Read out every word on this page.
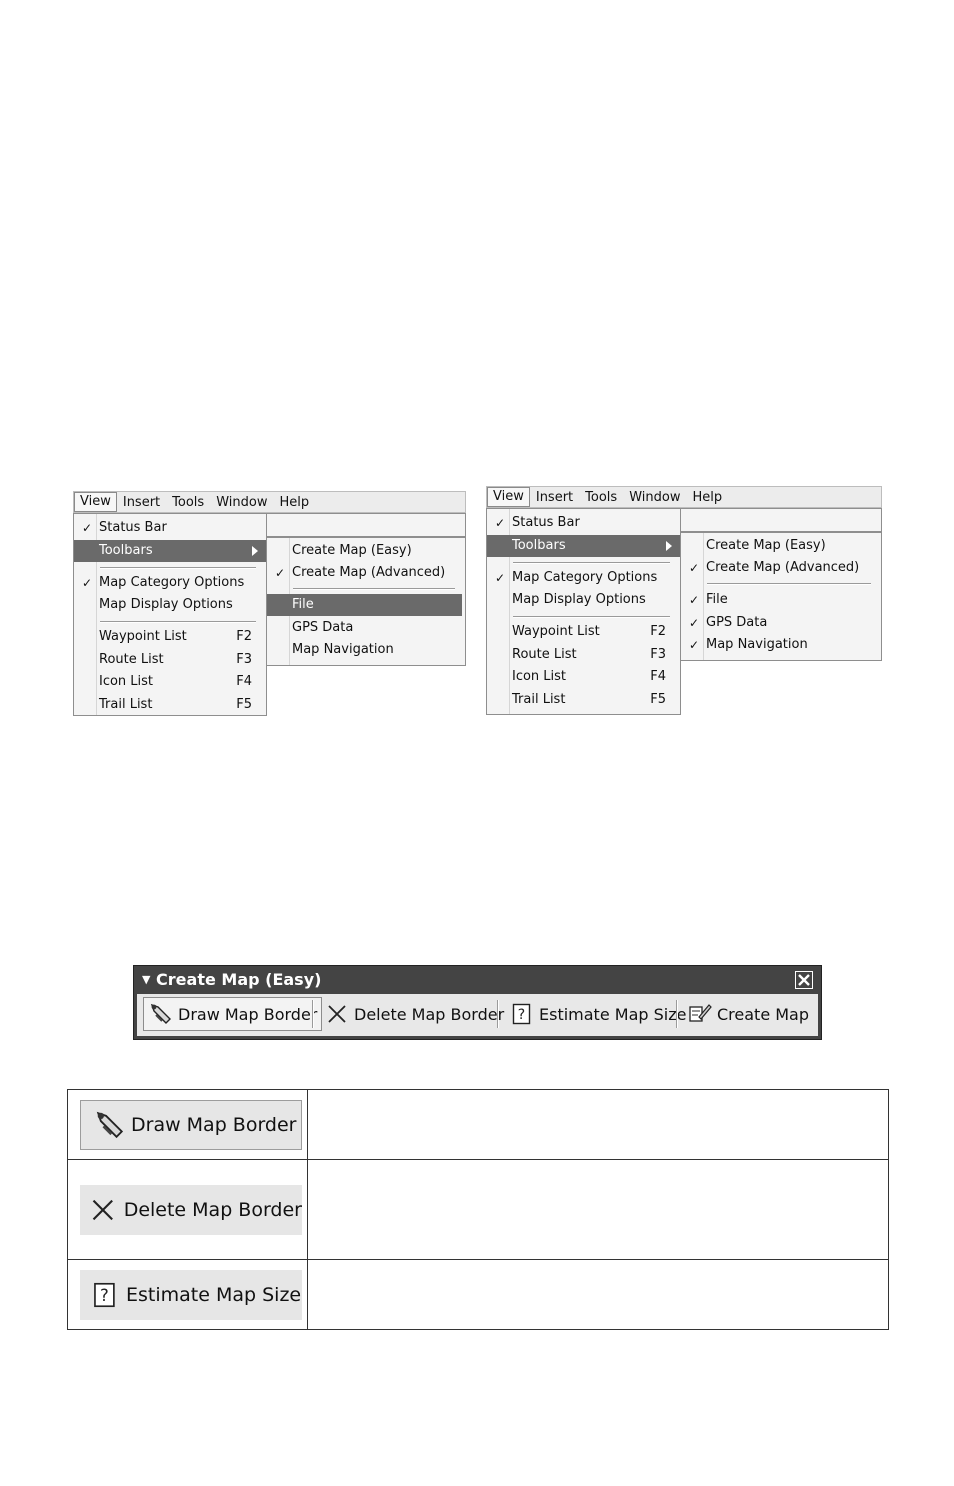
View Insert Tools Window Help
✓ Status Bar
Toolbars
✓ Map Category Options
Map Display Options
Waypoint List	F2
Route List	F3
Icon List	F4
Trail List	F5
Create Map (Easy)
✓ Create Map (Advanced)
File
GPS Data
Map Navigation
View Insert Tools Window Help
✓ Status Bar
Toolbars
✓ Map Category Options
Map Display Options
Waypoint List	F2
Route List	F3
Icon List	F4
Trail List	F5
Create Map (Easy)
✓ Create Map (Advanced)
✓ File
✓ GPS Data
✓ Map Navigation
▼ Create Map (Easy)
Draw Map Border Delete Map Border ? Estimate Map Size Create Map
Draw Map Border	

Delete Map Border	

? Estimate Map Size	
